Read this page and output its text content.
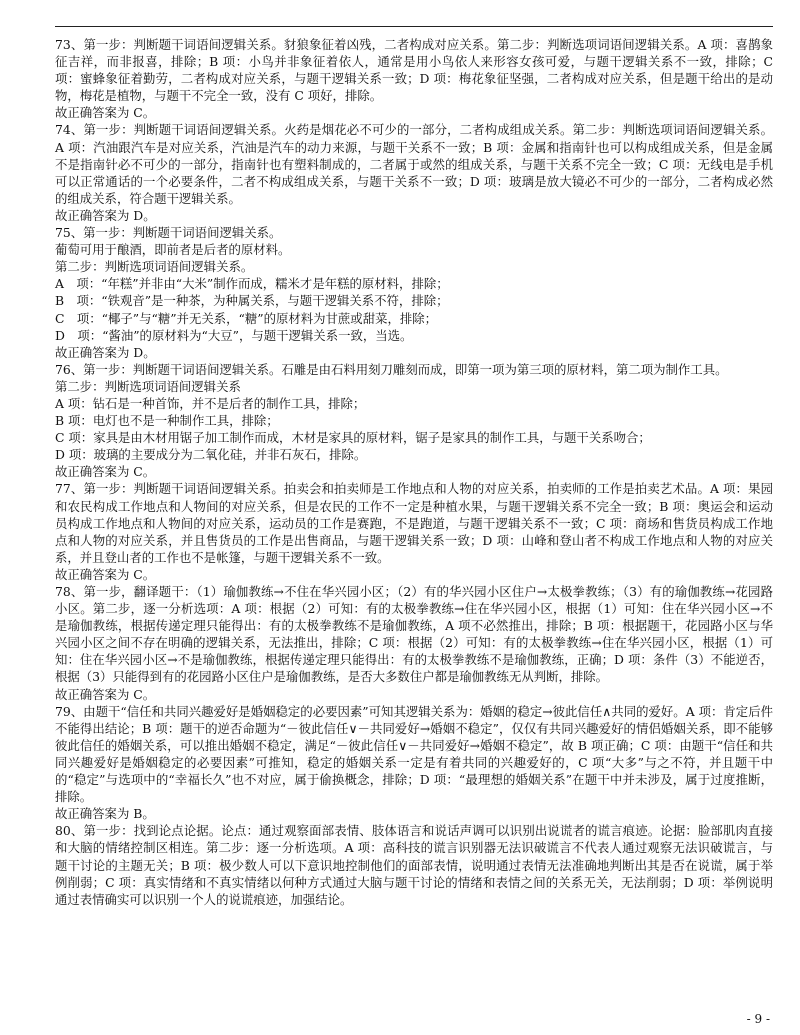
73、第一步：判断题干词语间逻辑关系。豺狼象征着凶残，二者构成对应关系。第二步：判断选项词语间逻辑关系。A 项：喜鹊象征吉祥，而非报喜，排除；B 项：小鸟并非象征着依人，通常是用小鸟依人来形容女孩可爱，与题干逻辑关系不一致，排除；C 项：蜜蜂象征着勤劳，二者构成对应关系，与题干逻辑关系一致；D 项：梅花象征坚强，二者构成对应关系，但是题干给出的是动物，梅花是植物，与题干不完全一致，没有 C 项好，排除。

故正确答案为 C。

74、第一步：判断题干词语间逻辑关系。火药是烟花必不可少的一部分，二者构成组成关系。第二步：判断选项词语间逻辑关系。A 项：汽油跟汽车是对应关系，汽油是汽车的动力来源，与题干关系不一致；B 项：金属和指南针也可以构成组成关系，但是金属不是指南针必不可少的一部分，指南针也有塑料制成的，二者属于或然的组成关系，与题干关系不完全一致；C 项：无线电是手机可以正常通话的一个必要条件，二者不构成组成关系，与题干关系不一致；D 项：玻璃是放大镜必不可少的一部分，二者构成必然的组成关系，符合题干逻辑关系。

故正确答案为 D。

75、第一步：判断题干词语间逻辑关系。

葡萄可用于酿酒，即前者是后者的原材料。

第二步：判断选项词语间逻辑关系。

A　项：“年糕”并非由“大米”制作而成，糯米才是年糕的原材料，排除；

B　项：“铁观音”是一种茶，为种属关系，与题干逻辑关系不符，排除；

C　项：“椰子”与“糖”并无关系，“糖”的原材料为甘蔗或甜菜，排除；

D　项：“酱油”的原材料为“大豆”，与题干逻辑关系一致，当选。

故正确答案为 D。

76、第一步：判断题干词语间逻辑关系。石雕是由石料用刻刀雕刻而成，即第一项为第三项的原材料，第二项为制作工具。

第二步：判断选项词语间逻辑关系

A 项：钻石是一种首饰，并不是后者的制作工具，排除；

B 项：电灯也不是一种制作工具，排除；

C 项：家具是由木材用锯子加工制作而成，木材是家具的原材料，锯子是家具的制作工具，与题干关系吻合；

D 项：玻璃的主要成分为二氧化硅，并非石灰石，排除。

故正确答案为 C。

77、第一步：判断题干词语间逻辑关系。拍卖会和拍卖师是工作地点和人物的对应关系，拍卖师的工作是拍卖艺术品。A 项：果园和农民构成工作地点和人物间的对应关系，但是农民的工作不一定是种植水果，与题干逻辑关系不完全一致；B 项：奥运会和运动员构成工作地点和人物间的对应关系，运动员的工作是赛跑，不是跑道，与题干逻辑关系不一致；C 项：商场和售货员构成工作地点和人物的对应关系，并且售货员的工作是出售商品，与题干逻辑关系一致；D 项：山峰和登山者不构成工作地点和人物的对应关系，并且登山者的工作也不是帐篷，与题干逻辑关系不一致。

故正确答案为 C。

78、第一步，翻译题干：（1）瑜伽教练→不住在华兴园小区；（2）有的华兴园小区住户→太极拳教练；（3）有的瑜伽教练→花园路小区。第二步，逐一分析选项：A 项：根据（2）可知：有的太极拳教练→住在华兴园小区，根据（1）可知：住在华兴园小区→不是瑜伽教练，根据传递定理只能得出：有的太极拳教练不是瑜伽教练，A 项不必然推出，排除；B 项：根据题干，花园路小区与华兴园小区之间不存在明确的逻辑关系，无法推出，排除；C 项：根据（2）可知：有的太极拳教练→住在华兴园小区，根据（1）可知：住在华兴园小区→不是瑜伽教练，根据传递定理只能得出：有的太极拳教练不是瑜伽教练，正确；D 项：条件（3）不能逆否，根据（3）只能得到有的花园路小区住户是瑜伽教练，是否大多数住户都是瑜伽教练无从判断，排除。

故正确答案为 C。

79、由题干“信任和共同兴趣爱好是婚姻稳定的必要因素”可知其逻辑关系为：婚姻的稳定→彼此信任∧共同的爱好。A 项：肯定后件不能得出结论；B 项：题干的逆否命题为“－彼此信任∨－共同爱好→婚姻不稳定”，仅仅有共同兴趣爱好的情侣婚姻关系，即不能够彼此信任的婚姻关系，可以推出婚姻不稳定，满足“－彼此信任∨－共同爱好→婚姻不稳定”，故 B 项正确；C 项：由题干“信任和共同兴趣爱好是婚姻稳定的必要因素”可推知，稳定的婚姻关系一定是有着共同的兴趣爱好的，C 项“大多”与之不符，并且题干中的“稳定”与选项中的“幸福长久”也不对应，属于偷换概念，排除；D 项：“最理想的婚姻关系”在题干中并未涉及，属于过度推断，排除。

故正确答案为 B。

80、第一步：找到论点论据。论点：通过观察面部表情、肢体语言和说话声调可以识别出说谎者的谎言痕迹。论据：脸部肌肉直接和大脑的情绪控制区相连。第二步：逐一分析选项。A 项：高科技的谎言识别器无法识破谎言不代表人通过观察无法识破谎言，与题干讨论的主题无关；B 项：极少数人可以下意识地控制他们的面部表情，说明通过表情无法准确地判断出其是否在说谎，属于举例削弱；C 项：真实情绪和不真实情绪以何种方式通过大脑与题干讨论的情绪和表情之间的关系无关，无法削弱；D 项：举例说明通过表情确实可以识别一个人的说谎痕迹，加强结论。

- 9 -
